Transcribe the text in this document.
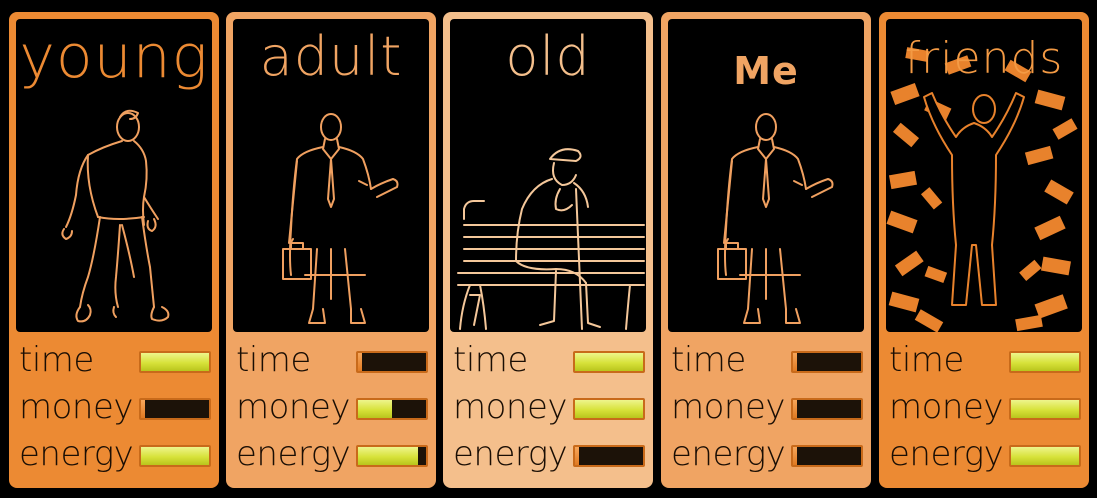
young
time
money
energy
adult
time
money
energy
old
time
money
energy
Me
time
money
energy
friends
time
money
energy
